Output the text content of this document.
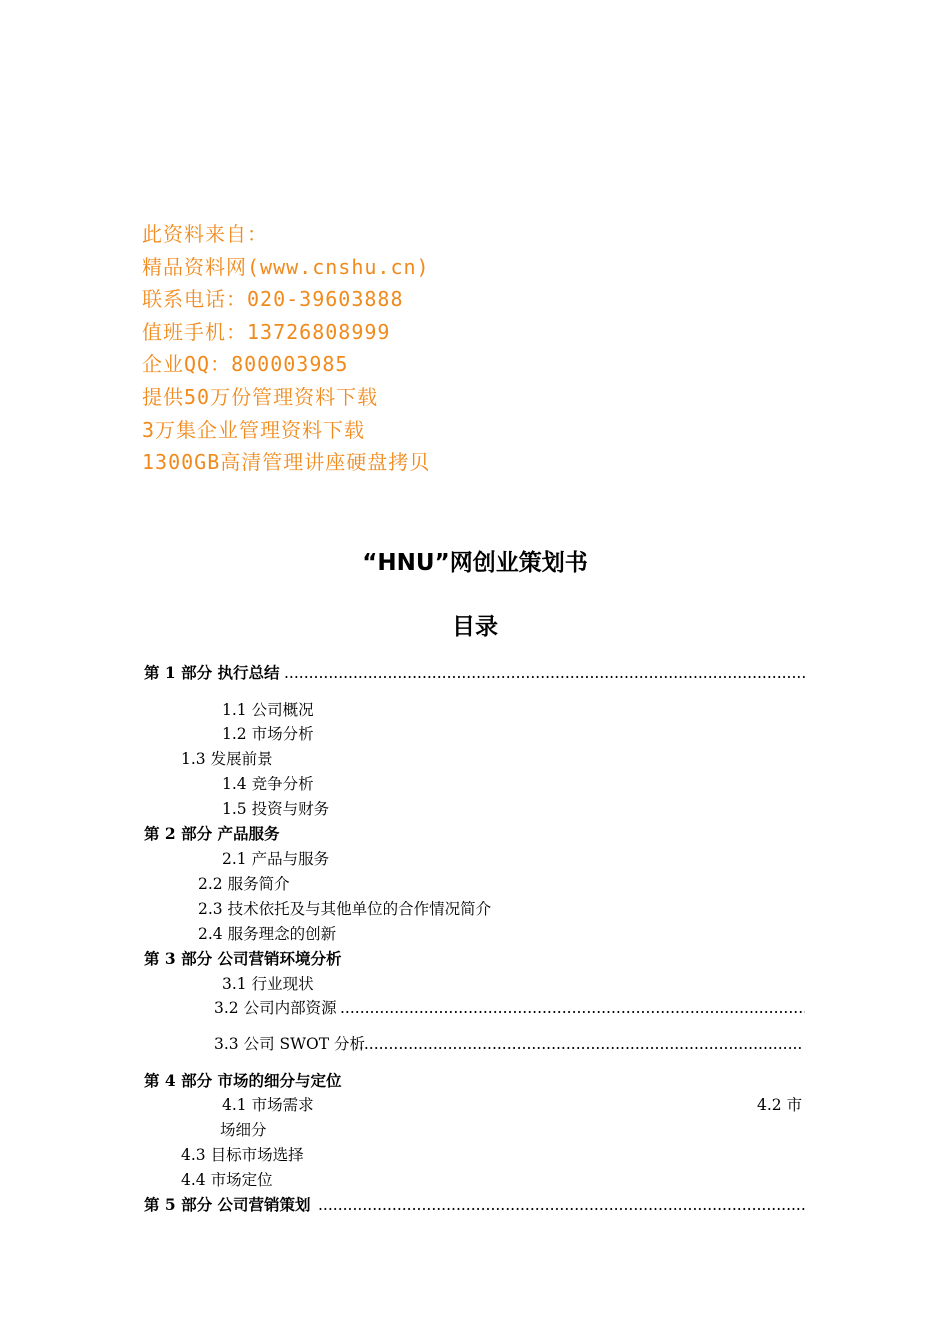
此资料来自：
精品资料网(www.cnshu.cn)
联系电话：020-39603888
值班手机：13726808999
企业QQ：800003985
提供50万份管理资料下载
3万集企业管理资料下载
1300GB高清管理讲座硬盘拷贝
“HNU”网创业策划书
目录
第 1 部分 执行总结
.....
1.1 公司概况
1.2 市场分析
1.3 发展前景
1.4 竞争分析
1.5 投资与财务
第 2 部分 产品服务
2.1 产品与服务
2.2 服务简介
2.3 技术依托及与其他单位的合作情况简介
2.4 服务理念的创新
第 3 部分 公司营销环境分析
3.1 行业现状
3.2 公司内部资源
.....
3.3 公司 SWOT 分析
.....
第 4 部分 市场的细分与定位
4.1 市场需求	4.2 市
场细分
4.3 目标市场选择
4.4 市场定位
第 5 部分 公司营销策划
.....
